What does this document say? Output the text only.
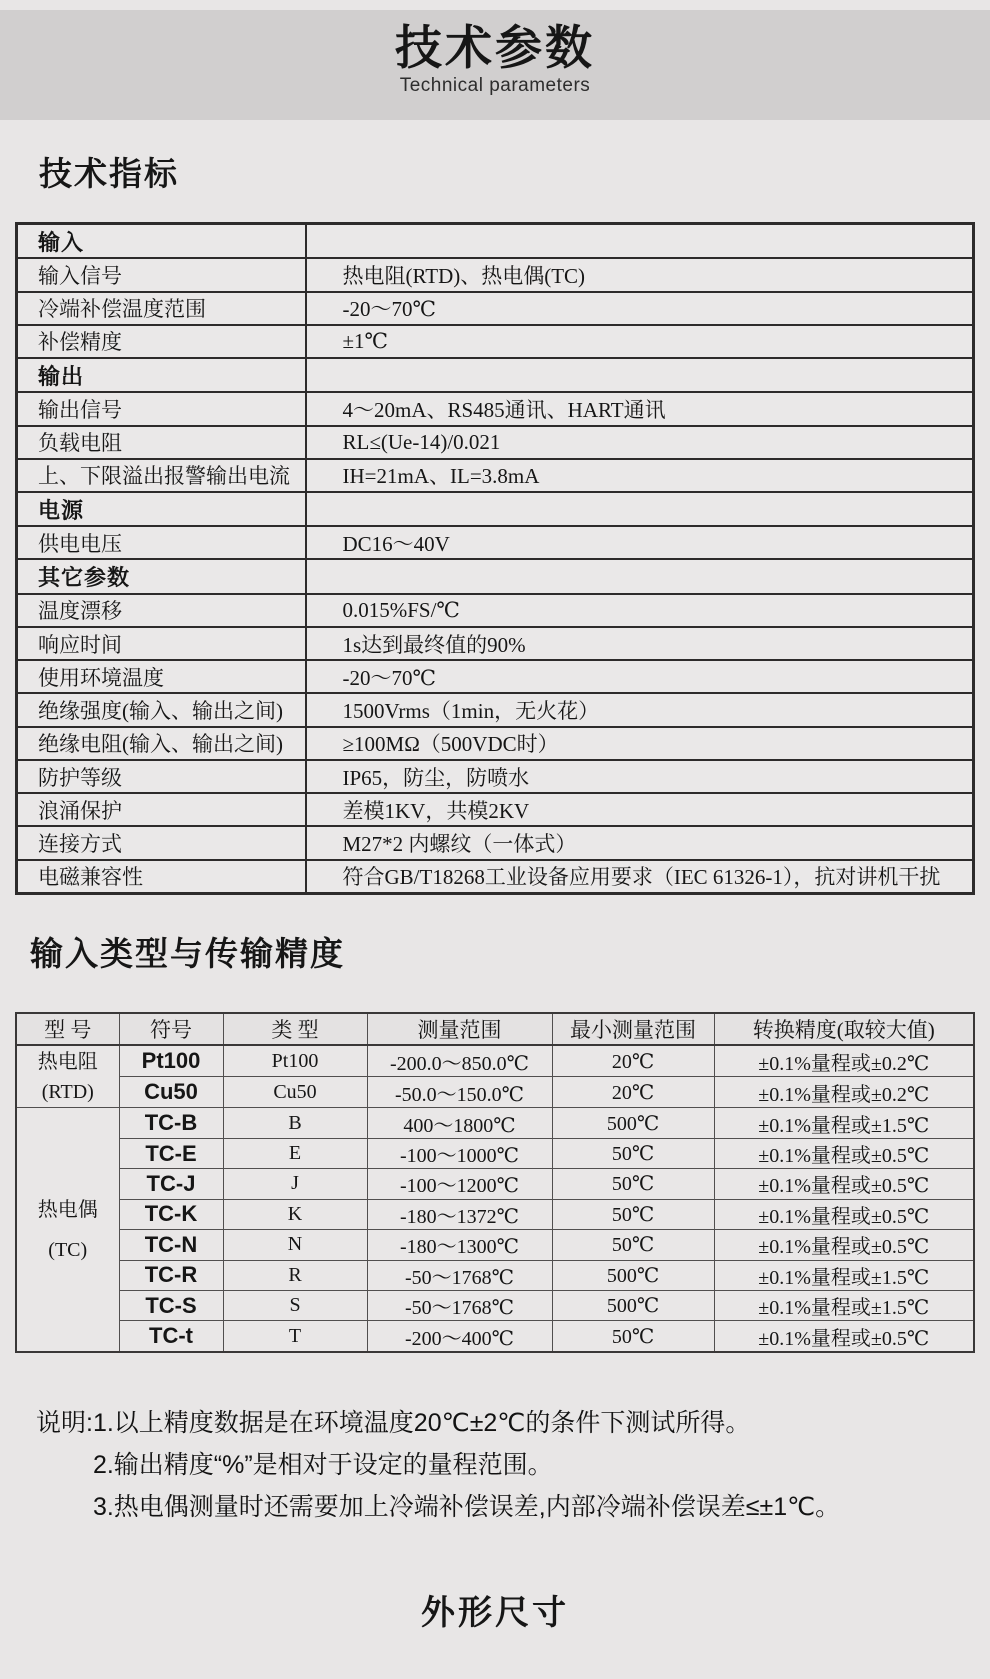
技术参数
Technical parameters
技术指标
输入	
输入信号	热电阻(RTD)、热电偶(TC)
冷端补偿温度范围	-20～70℃
补偿精度	±1℃
输出	
输出信号	4～20mA、RS485通讯、HART通讯
负载电阻	RL≤(Ue-14)/0.021
上、下限溢出报警输出电流	IH=21mA、IL=3.8mA
电源	
供电电压	DC16～40V
其它参数	
温度漂移	0.015%FS/℃
响应时间	1s达到最终值的90%
使用环境温度	-20～70℃
绝缘强度(输入、输出之间)	1500Vrms（1min，无火花）
绝缘电阻(输入、输出之间)	≥100MΩ（500VDC时）
防护等级	IP65，防尘，防喷水
浪涌保护	差模1KV，共模2KV
连接方式	M27*2 内螺纹（一体式）
电磁兼容性	符合GB/T18268工业设备应用要求（IEC 61326-1），抗对讲机干扰
输入类型与传输精度
型 号	符号	类 型	测量范围	最小测量范围	转换精度(取较大值)

热电阻
(RTD)	Pt100	Pt100	-200.0～850.0℃	20℃	±0.1%量程或±0.2℃
	Cu50	Cu50	-50.0～150.0℃	20℃	±0.1%量程或±0.2℃

热电偶
(TC)	TC-B	B	400～1800℃	500℃	±0.1%量程或±1.5℃
	TC-E	E	-100～1000℃	50℃	±0.1%量程或±0.5℃
	TC-J	J	-100～1200℃	50℃	±0.1%量程或±0.5℃
	TC-K	K	-180～1372℃	50℃	±0.1%量程或±0.5℃
	TC-N	N	-180～1300℃	50℃	±0.1%量程或±0.5℃
	TC-R	R	-50～1768℃	500℃	±0.1%量程或±1.5℃
	TC-S	S	-50～1768℃	500℃	±0.1%量程或±1.5℃
	TC-t	T	-200～400℃	50℃	±0.1%量程或±0.5℃
说明: 1.以上精度数据是在环境温度20℃±2℃的条件下测试所得。
2.输出精度“%”是相对于设定的量程范围。
3.热电偶测量时还需要加上冷端补偿误差,内部冷端补偿误差≤±1℃。
外形尺寸
